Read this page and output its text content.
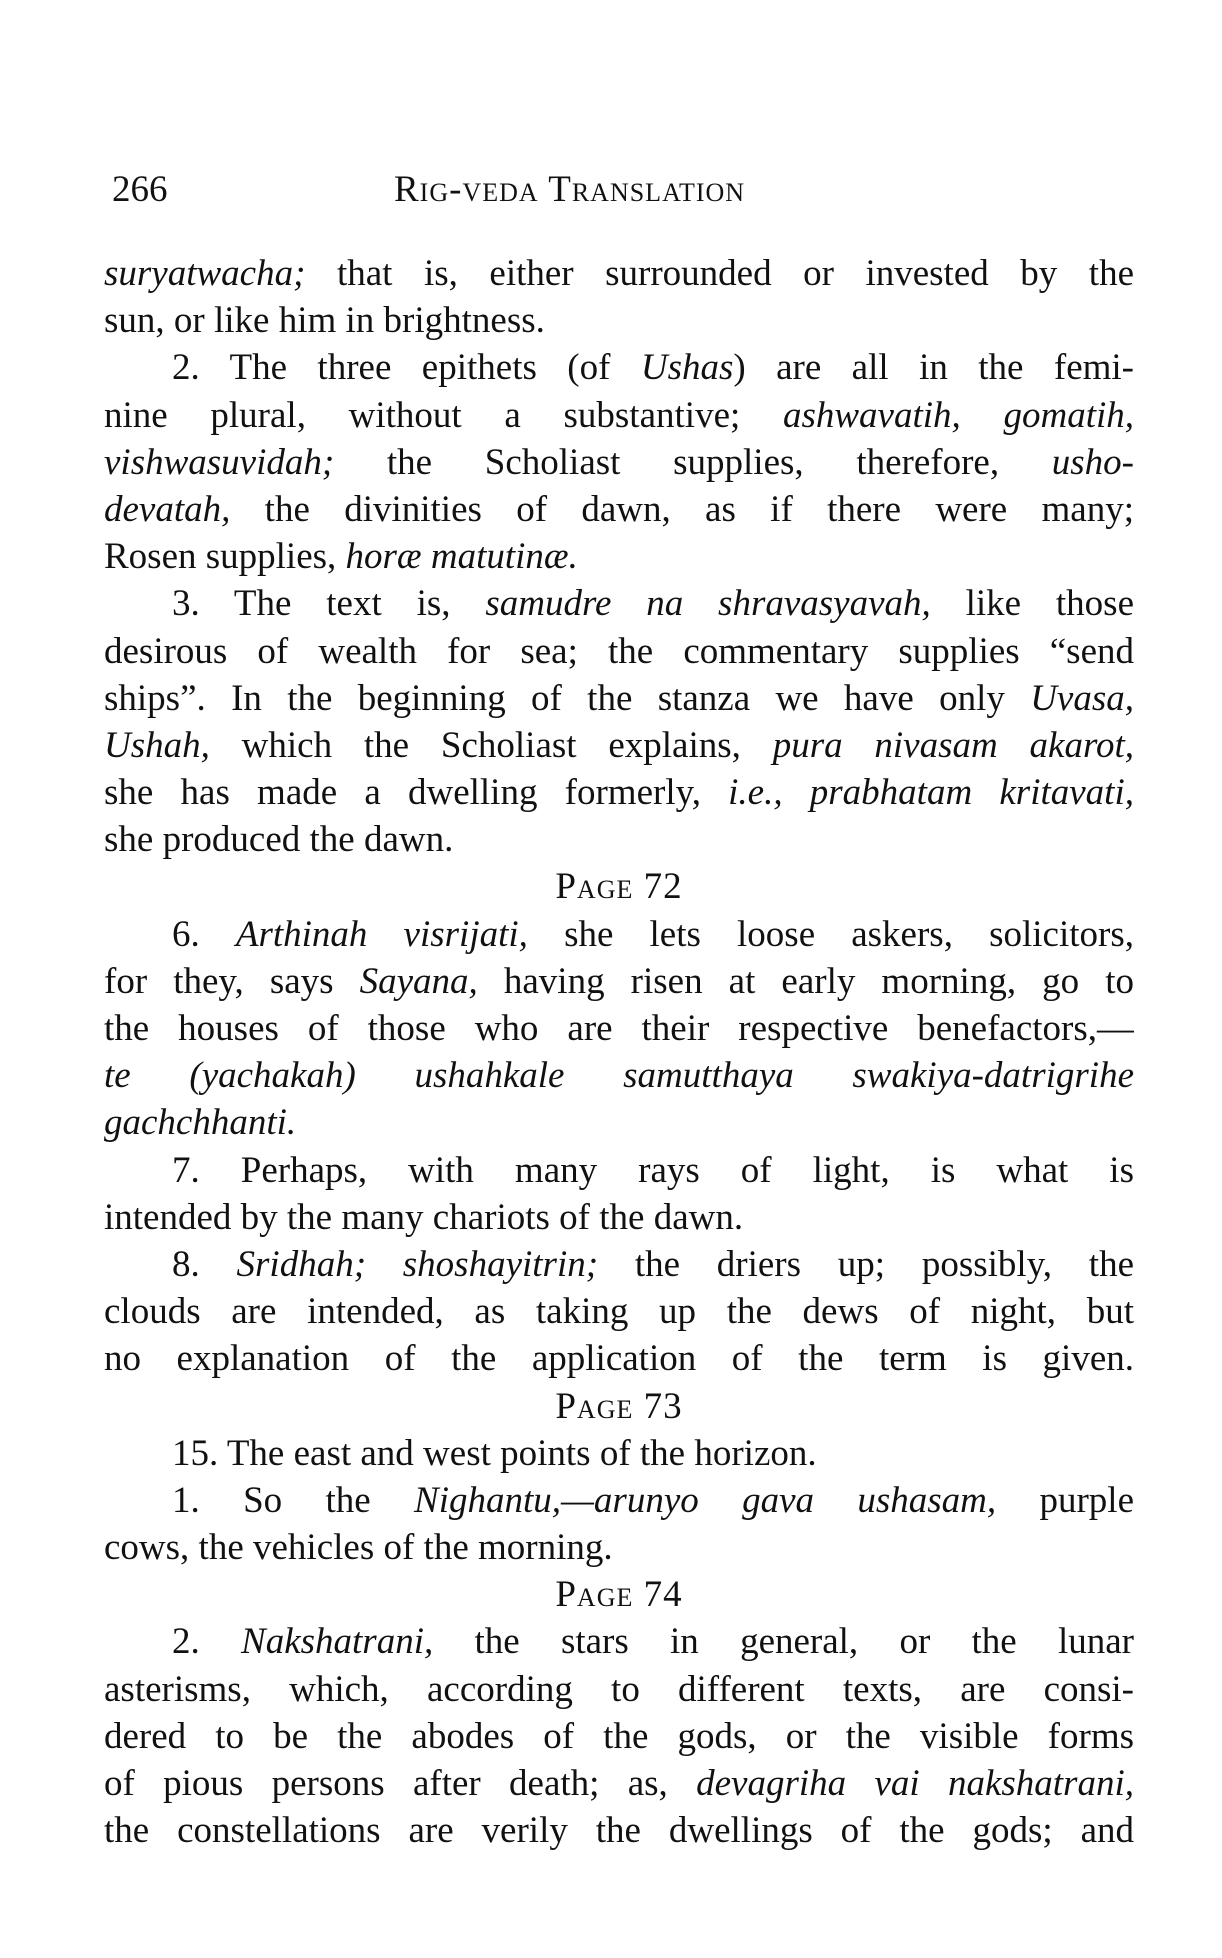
266	Rig-veda Translation
suryatwacha; that is, either surrounded or invested by the
sun, or like him in brightness.
2. The three epithets (of Ushas) are all in the femi-
nine plural, without a substantive; ashwavatih, gomatih,
vishwasuvidah; the Scholiast supplies, therefore, usho-
devatah, the divinities of dawn, as if there were many;
Rosen supplies, horæ matutinæ.
3. The text is, samudre na shravasyavah, like those
desirous of wealth for sea; the commentary supplies “send
ships”. In the beginning of the stanza we have only Uvasa,
Ushah, which the Scholiast explains, pura nivasam akarot,
she has made a dwelling formerly, i.e., prabhatam kritavati,
she produced the dawn.
Page 72
6. Arthinah visrijati, she lets loose askers, solicitors,
for they, says Sayana, having risen at early morning, go to
the houses of those who are their respective benefactors,—
te (yachakah) ushahkale samutthaya swakiya-datrigrihe
gachchhanti.
7. Perhaps, with many rays of light, is what is
intended by the many chariots of the dawn.
8. Sridhah; shoshayitrin; the driers up; possibly, the
clouds are intended, as taking up the dews of night, but
no explanation of the application of the term is given.
Page 73
15. The east and west points of the horizon.
1. So the Nighantu,—arunyo gava ushasam, purple
cows, the vehicles of the morning.
Page 74
2. Nakshatrani, the stars in general, or the lunar
asterisms, which, according to different texts, are consi-
dered to be the abodes of the gods, or the visible forms
of pious persons after death; as, devagriha vai nakshatrani,
the constellations are verily the dwellings of the gods; and
